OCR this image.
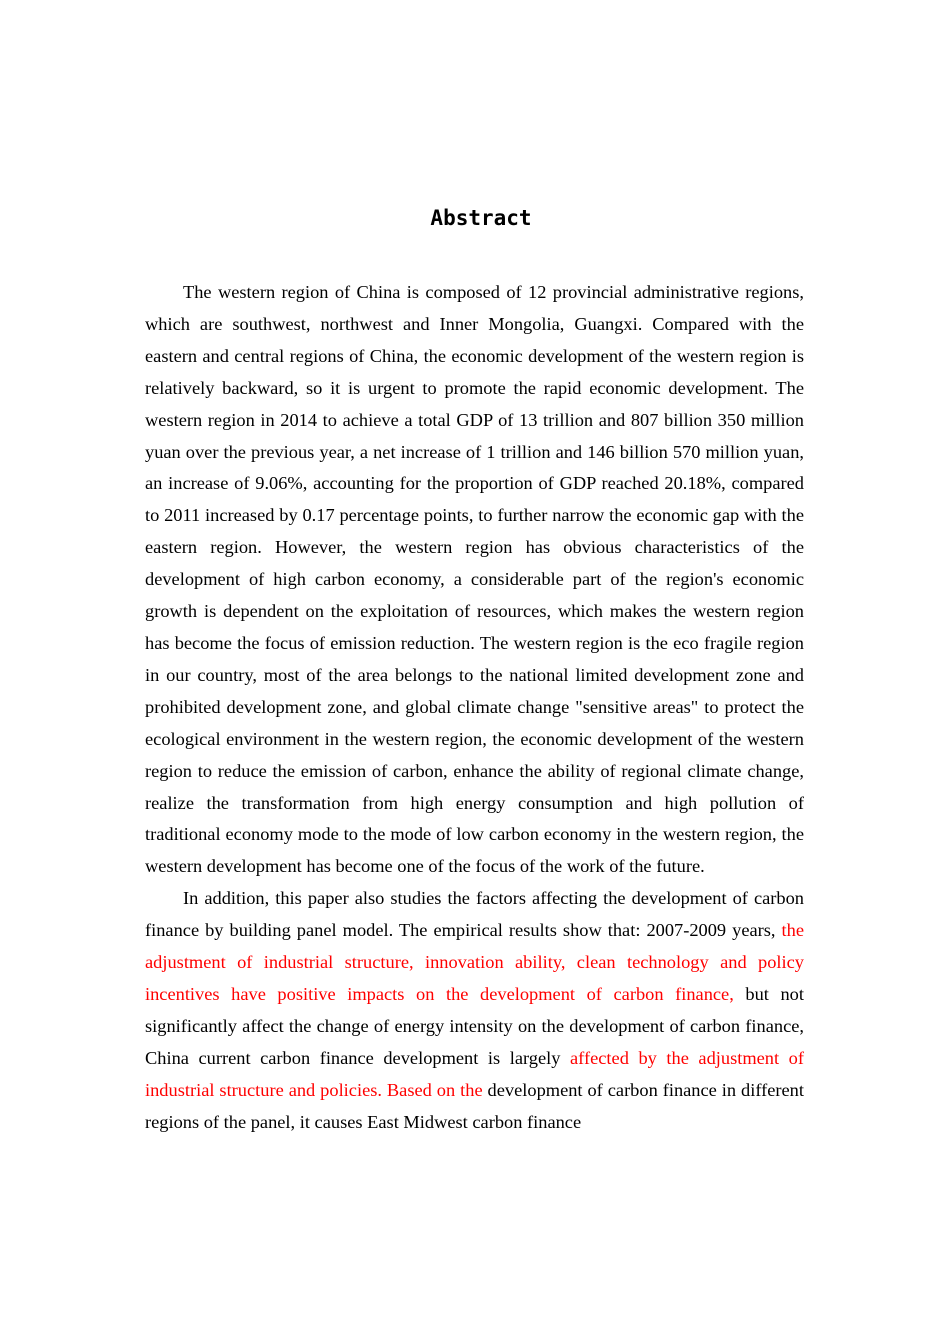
Abstract

The western region of China is composed of 12 provincial administrative regions, which are southwest, northwest and Inner Mongolia, Guangxi. Compared with the eastern and central regions of China, the economic development of the western region is relatively backward, so it is urgent to promote the rapid economic development. The western region in 2014 to achieve a total GDP of 13 trillion and 807 billion 350 million yuan over the previous year, a net increase of 1 trillion and 146 billion 570 million yuan, an increase of 9.06%, accounting for the proportion of GDP reached 20.18%, compared to 2011 increased by 0.17 percentage points, to further narrow the economic gap with the eastern region. However, the western region has obvious characteristics of the development of high carbon economy, a considerable part of the region's economic growth is dependent on the exploitation of resources, which makes the western region has become the focus of emission reduction. The western region is the eco fragile region in our country, most of the area belongs to the national limited development zone and prohibited development zone, and global climate change "sensitive areas" to protect the ecological environment in the western region, the economic development of the western region to reduce the emission of carbon, enhance the ability of regional climate change, realize the transformation from high energy consumption and high pollution of traditional economy mode to the mode of low carbon economy in the western region, the western development has become one of the focus of the work of the future.

In addition, this paper also studies the factors affecting the development of carbon finance by building panel model. The empirical results show that: 2007-2009 years, the adjustment of industrial structure, innovation ability, clean technology and policy incentives have positive impacts on the development of carbon finance, but not significantly affect the change of energy intensity on the development of carbon finance, China current carbon finance development is largely affected by the adjustment of industrial structure and policies. Based on the development of carbon finance in different regions of the panel, it causes East Midwest carbon finance
